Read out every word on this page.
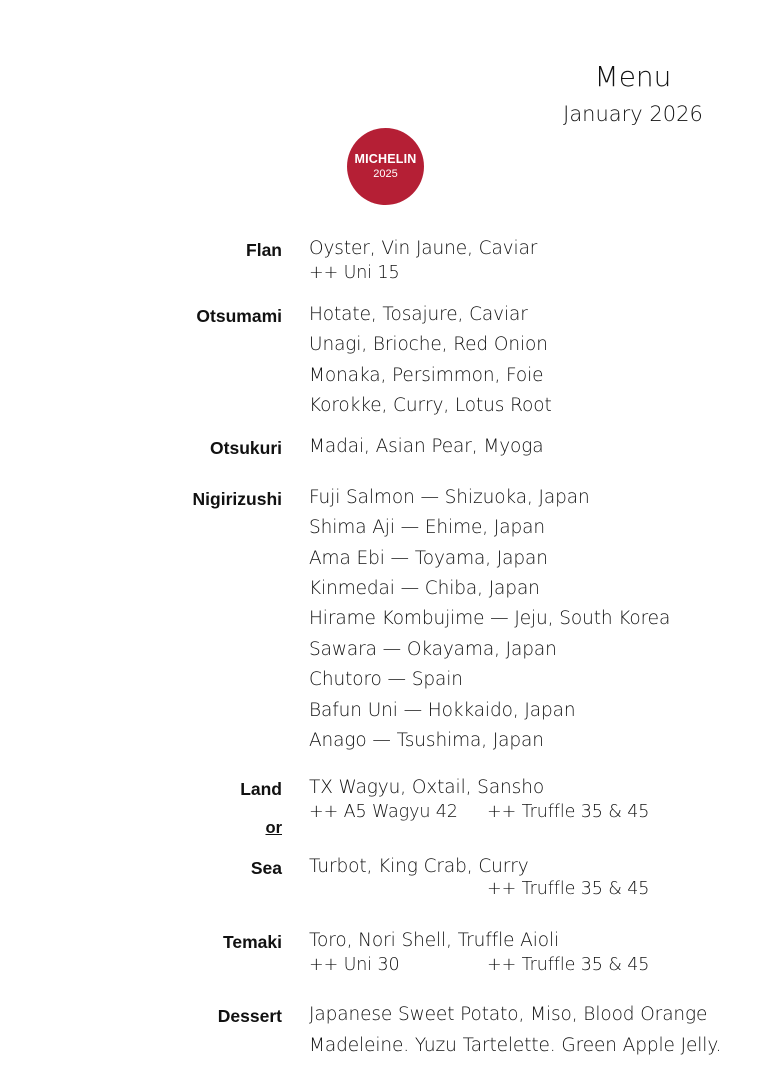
Menu
January 2026
MICHELIN
2025
Flan Oyster, Vin Jaune, Caviar
++ Uni 15
Otsumami Hotate, Tosajure, Caviar
Unagi, Brioche, Red Onion
Monaka, Persimmon, Foie
Korokke, Curry, Lotus Root
Otsukuri Madai, Asian Pear, Myoga
Nigirizushi Fuji Salmon — Shizuoka, Japan
Shima Aji — Ehime, Japan
Ama Ebi — Toyama, Japan
Kinmedai — Chiba, Japan
Hirame Kombujime — Jeju, South Korea
Sawara — Okayama, Japan
Chutoro — Spain
Bafun Uni — Hokkaido, Japan
Anago — Tsushima, Japan
Land TX Wagyu, Oxtail, Sansho
++ A5 Wagyu 42 ++ Truffle 35 & 45
or
Sea Turbot, King Crab, Curry
++ Truffle 35 & 45
Temaki Toro, Nori Shell, Truffle Aioli
++ Uni 30	++ Truffle 35 & 45
Dessert Japanese Sweet Potato, Miso, Blood Orange
Madeleine. Yuzu Tartelette. Green Apple Jelly.
